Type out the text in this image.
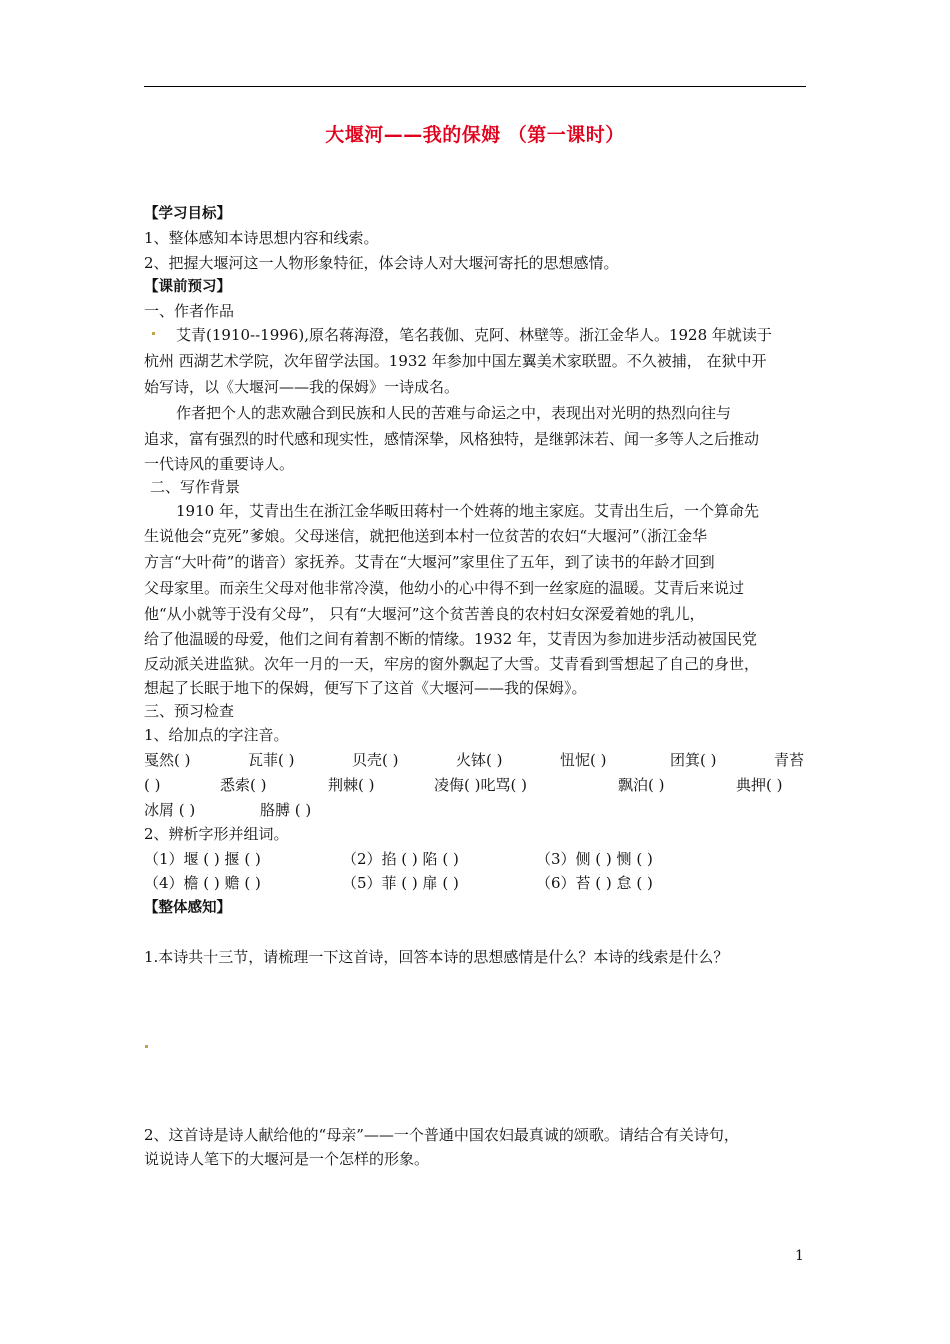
大堰河——我的保姆 （第一课时）
【学习目标】
1、整体感知本诗思想内容和线索。
2、把握大堰河这一人物形象特征，体会诗人对大堰河寄托的思想感情。
【课前预习】
一、作者作品
艾青(1910--1996),原名蒋海澄，笔名莪伽、克阿、林壁等。浙江金华人。1928 年就读于
杭州 西湖艺术学院，次年留学法国。1932 年参加中国左翼美术家联盟。不久被捕， 在狱中开
始写诗，以《大堰河——我的保姆》一诗成名。
作者把个人的悲欢融合到民族和人民的苦难与命运之中，表现出对光明的热烈向往与
追求，富有强烈的时代感和现实性，感情深挚，风格独特，是继郭沫若、闻一多等人之后推动
一代诗风的重要诗人。
二、写作背景
1910 年，艾青出生在浙江金华畈田蒋村一个姓蒋的地主家庭。艾青出生后，一个算命先
生说他会“克死”爹娘。父母迷信，就把他送到本村一位贫苦的农妇“大堰河”（浙江金华
方言“大叶荷”的谐音）家抚养。艾青在“大堰河”家里住了五年，到了读书的年龄才回到
父母家里。而亲生父母对他非常冷漠，他幼小的心中得不到一丝家庭的温暖。艾青后来说过
他“从小就等于没有父母”， 只有“大堰河”这个贫苦善良的农村妇女深爱着她的乳儿，
给了他温暖的母爱，他们之间有着割不断的情缘。1932 年，艾青因为参加进步活动被国民党
反动派关进监狱。次年一月的一天，牢房的窗外飘起了大雪。艾青看到雪想起了自己的身世，
想起了长眠于地下的保姆，便写下了这首《大堰河——我的保姆》。
三、预习检查
1、给加点的字注音。
戛然( )	瓦菲( )	贝壳( )	火钵( )	忸怩( )	团箕( )	青苔
( )	悉索( )	荆棘( )	凌侮( )叱骂( )	飘泊( )	典押( )
冰屑 ( )	胳膊 ( )
2、辨析字形并组词。
（1）堰 ( ) 揠 ( )	（2）掐 ( ) 陷 ( )	（3）侧 ( ) 恻 ( )
（4）檐 ( ) 赡 ( )	（5）菲 ( ) 扉 ( )	（6）苔 ( ) 怠 ( )
【整体感知】
1.本诗共十三节，请梳理一下这首诗，回答本诗的思想感情是什么？本诗的线索是什么？
2、这首诗是诗人献给他的“母亲”——一个普通中国农妇最真诚的颂歌。请结合有关诗句，
说说诗人笔下的大堰河是一个怎样的形象。
1
